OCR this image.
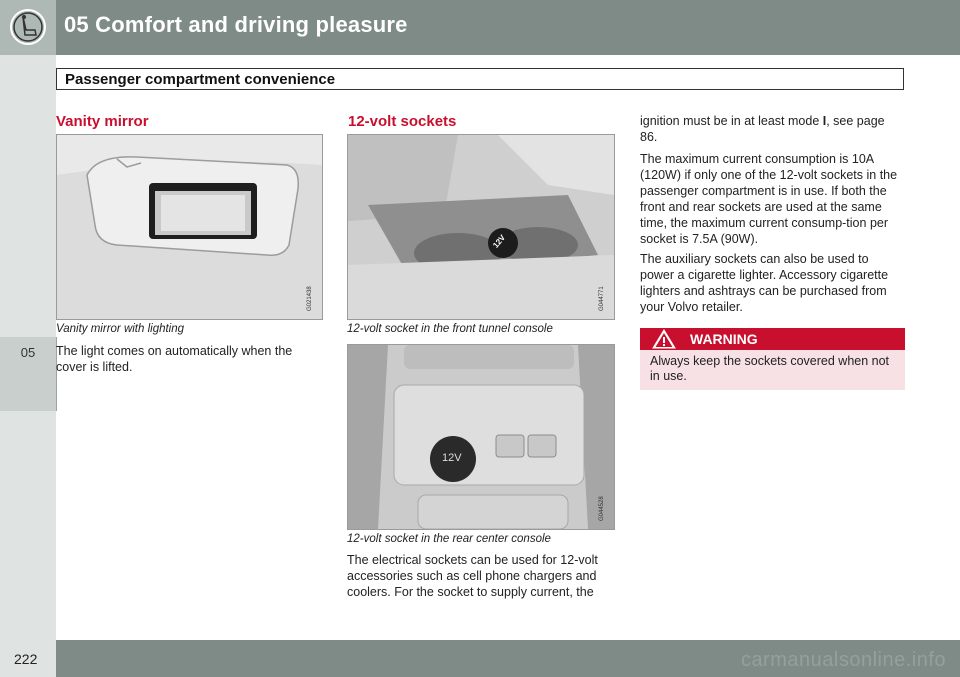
05 Comfort and driving pleasure
05
Passenger compartment convenience
Vanity mirror
G021438
Vanity mirror with lighting
The light comes on automatically when the cover is lifted.
12-volt sockets
12V
G044771
12-volt socket in the front tunnel console
12V
G044528
12-volt socket in the rear center console
The electrical sockets can be used for 12-volt accessories such as cell phone chargers and coolers. For the socket to supply current, the
ignition must be in at least mode I, see page 86.
The maximum current consumption is 10A (120W) if only one of the 12-volt sockets in the passenger compartment is in use. If both the front and rear sockets are used at the same time, the maximum current consump-tion per socket is 7.5A (90W).
The auxiliary sockets can also be used to power a cigarette lighter. Accessory cigarette lighters and ashtrays can be purchased from your Volvo retailer.
WARNING
Always keep the sockets covered when not in use.
222	carmanualsonline.info
